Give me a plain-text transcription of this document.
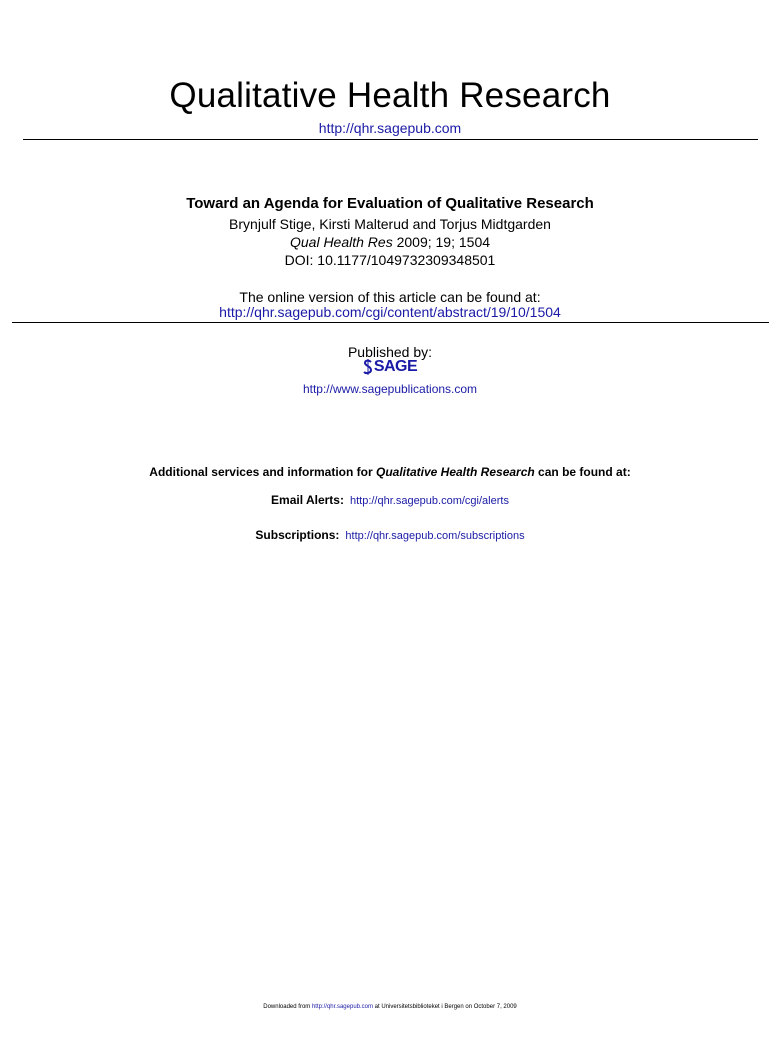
Qualitative Health Research
http://qhr.sagepub.com
Toward an Agenda for Evaluation of Qualitative Research
Brynjulf Stige, Kirsti Malterud and Torjus Midtgarden
Qual Health Res 2009; 19; 1504
DOI: 10.1177/1049732309348501
The online version of this article can be found at:
http://qhr.sagepub.com/cgi/content/abstract/19/10/1504
Published by:
SAGE
http://www.sagepublications.com
Additional services and information for Qualitative Health Research can be found at:
Email Alerts: http://qhr.sagepub.com/cgi/alerts
Subscriptions: http://qhr.sagepub.com/subscriptions
Downloaded from http://qhr.sagepub.com at Universitetsbiblioteket i Bergen on October 7, 2009
